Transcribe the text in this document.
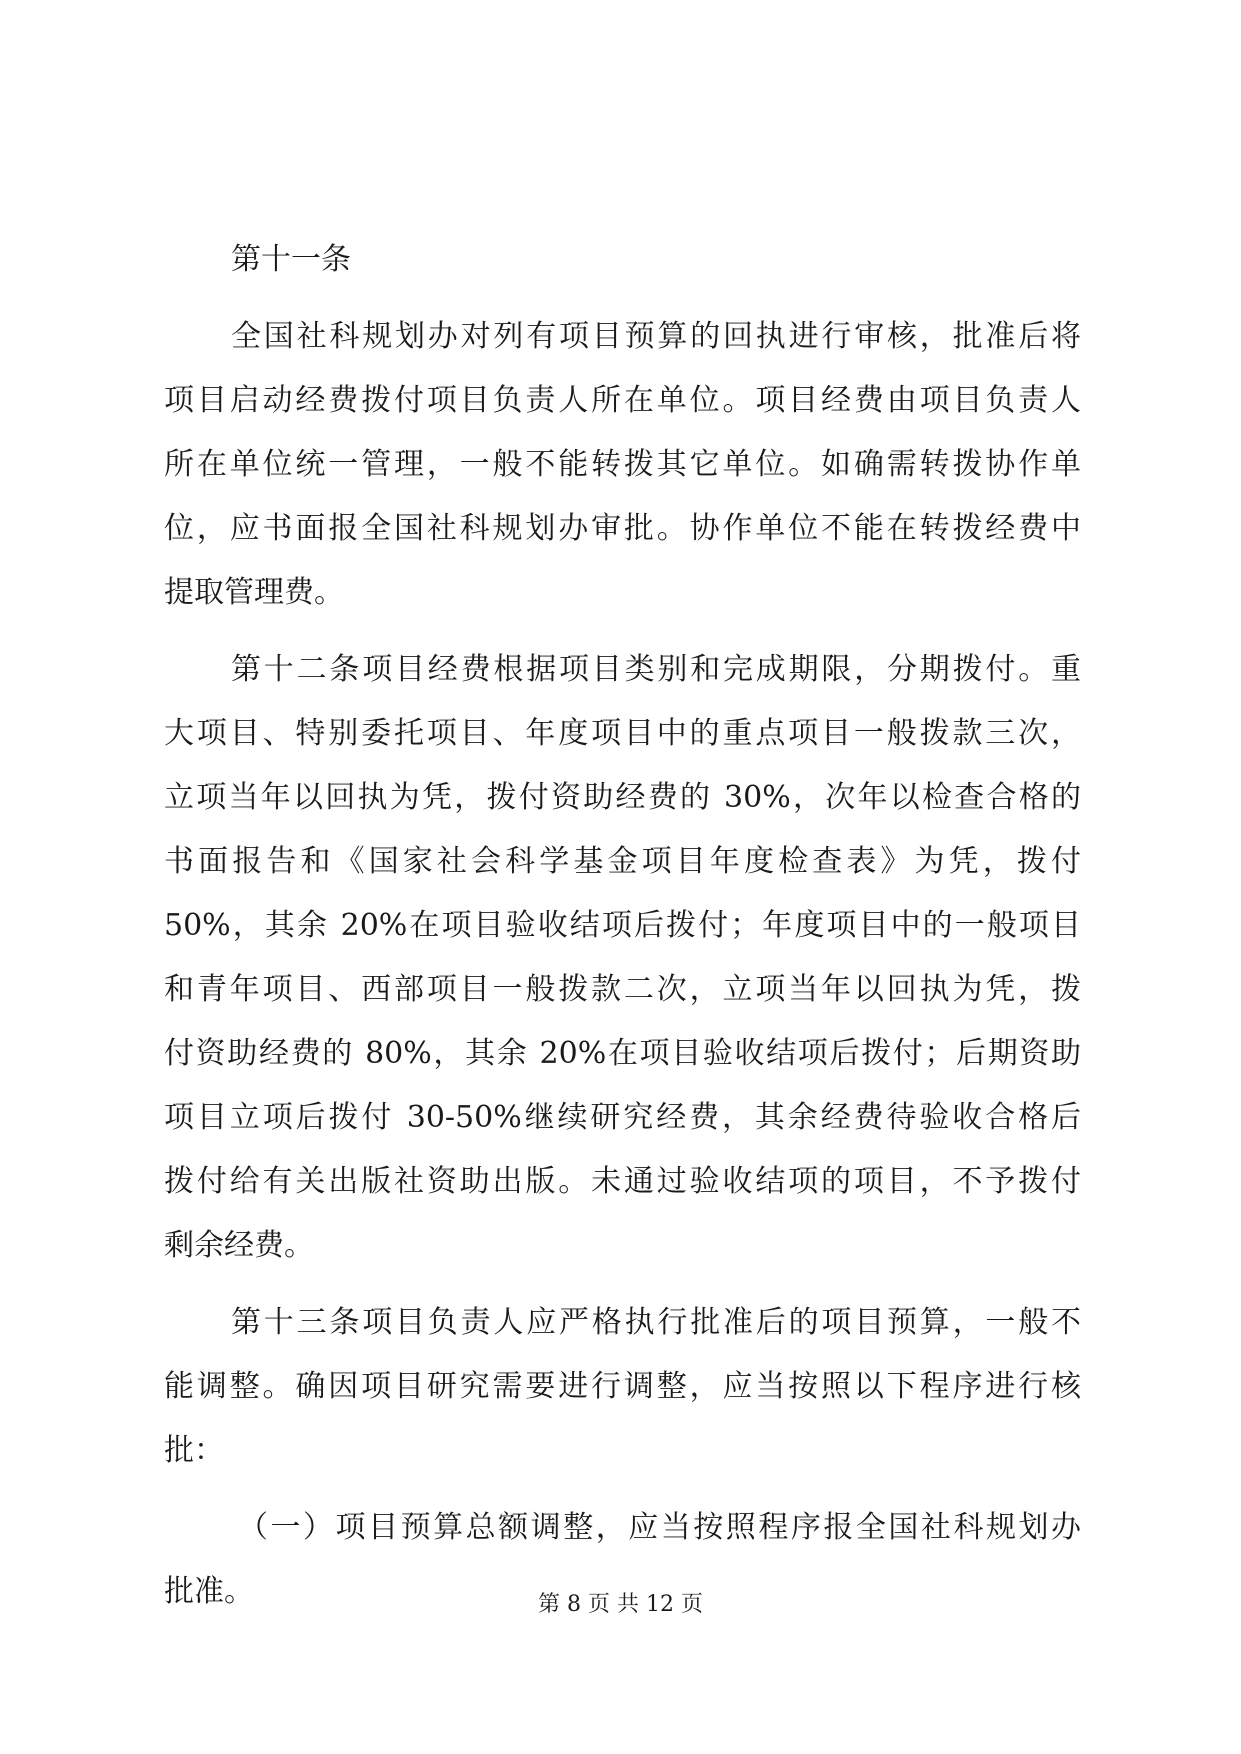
第十一条
全国社科规划办对列有项目预算的回执进行审核，批准后将
项目启动经费拨付项目负责人所在单位。项目经费由项目负责人
所在单位统一管理，一般不能转拨其它单位。如确需转拨协作单
位，应书面报全国社科规划办审批。协作单位不能在转拨经费中
提取管理费。
第十二条项目经费根据项目类别和完成期限，分期拨付。重
大项目、特别委托项目、年度项目中的重点项目一般拨款三次，
立项当年以回执为凭，拨付资助经费的 30%，次年以检查合格的
书面报告和《国家社会科学基金项目年度检查表》为凭，拨付
50%，其余 20%在项目验收结项后拨付；年度项目中的一般项目
和青年项目、西部项目一般拨款二次，立项当年以回执为凭，拨
付资助经费的 80%，其余 20%在项目验收结项后拨付；后期资助
项目立项后拨付 30-50%继续研究经费，其余经费待验收合格后
拨付给有关出版社资助出版。未通过验收结项的项目，不予拨付
剩余经费。
第十三条项目负责人应严格执行批准后的项目预算，一般不
能调整。确因项目研究需要进行调整，应当按照以下程序进行核
批：
（一）项目预算总额调整，应当按照程序报全国社科规划办
批准。	第 8 页 共 12 页
